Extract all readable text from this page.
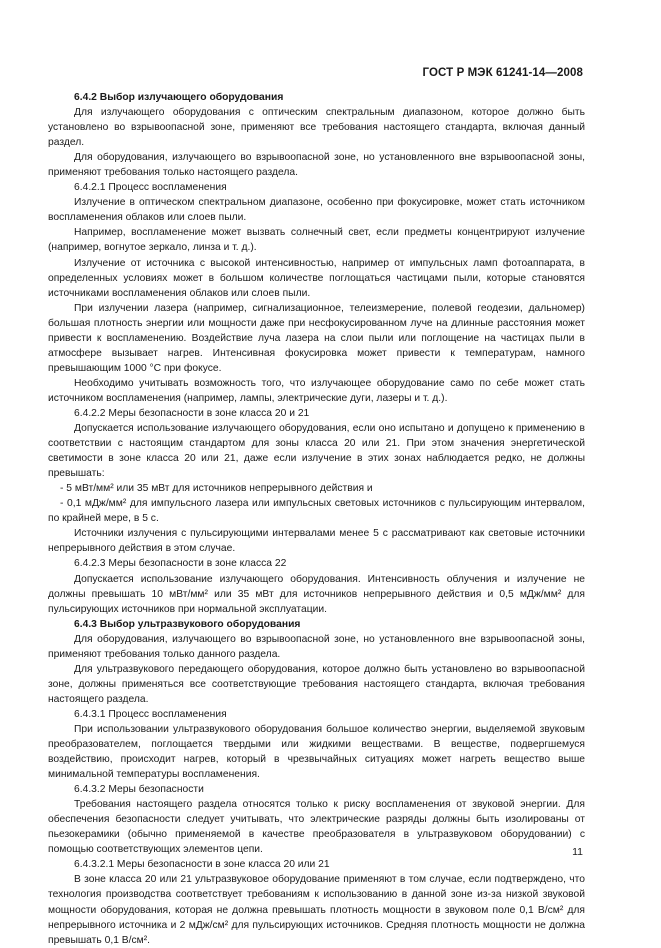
ГОСТ Р МЭК 61241-14—2008

6.4.2 Выбор излучающего оборудования

Для излучающего оборудования с оптическим спектральным диапазоном, которое должно быть установлено во взрывоопасной зоне, применяют все требования настоящего стандарта, включая данный раздел.

Для оборудования, излучающего во взрывоопасной зоне, но установленного вне взрывоопасной зоны, применяют требования только настоящего раздела.

6.4.2.1 Процесс воспламенения

Излучение в оптическом спектральном диапазоне, особенно при фокусировке, может стать источником воспламенения облаков или слоев пыли.

Например, воспламенение может вызвать солнечный свет, если предметы концентрируют излучение (например, вогнутое зеркало, линза и т. д.).

Излучение от источника с высокой интенсивностью, например от импульсных ламп фотоаппарата, в определенных условиях может в большом количестве поглощаться частицами пыли, которые становятся источниками воспламенения облаков или слоев пыли.

При излучении лазера (например, сигнализационное, телеизмерение, полевой геодезии, дальномер) большая плотность энергии или мощности даже при несфокусированном луче на длинные расстояния может привести к воспламенению. Воздействие луча лазера на слои пыли или поглощение на частицах пыли в атмосфере вызывает нагрев. Интенсивная фокусировка может привести к температурам, намного превышающим 1000 °С при фокусе.

Необходимо учитывать возможность того, что излучающее оборудование само по себе может стать источником воспламенения (например, лампы, электрические дуги, лазеры и т. д.).

6.4.2.2 Меры безопасности в зоне класса 20 и 21

Допускается использование излучающего оборудования, если оно испытано и допущено к применению в соответствии с настоящим стандартом для зоны класса 20 или 21. При этом значения энергетической светимости в зоне класса 20 или 21, даже если излучение в этих зонах наблюдается редко, не должны превышать:

- 5 мВт/мм² или 35 мВт для источников непрерывного действия и

- 0,1 мДж/мм² для импульсного лазера или импульсных световых источников с пульсирующим интервалом, по крайней мере, в 5 с.

Источники излучения с пульсирующими интервалами менее 5 с рассматривают как световые источники непрерывного действия в этом случае.

6.4.2.3 Меры безопасности в зоне класса 22

Допускается использование излучающего оборудования. Интенсивность облучения и излучение не должны превышать 10 мВт/мм² или 35 мВт для источников непрерывного действия и 0,5 мДж/мм² для пульсирующих источников при нормальной эксплуатации.

6.4.3 Выбор ультразвукового оборудования

Для оборудования, излучающего во взрывоопасной зоне, но установленного вне взрывоопасной зоны, применяют требования только данного раздела.

Для ультразвукового передающего оборудования, которое должно быть установлено во взрывоопасной зоне, должны применяться все соответствующие требования настоящего стандарта, включая требования настоящего раздела.

6.4.3.1 Процесс воспламенения

При использовании ультразвукового оборудования большое количество энергии, выделяемой звуковым преобразователем, поглощается твердыми или жидкими веществами. В веществе, подвергшемуся воздействию, происходит нагрев, который в чрезвычайных ситуациях может нагреть вещество выше минимальной температуры воспламенения.

6.4.3.2 Меры безопасности

Требования настоящего раздела относятся только к риску воспламенения от звуковой энергии. Для обеспечения безопасности следует учитывать, что электрические разряды должны быть изолированы от пьезокерамики (обычно применяемой в качестве преобразователя в ультразвуковом оборудовании) с помощью соответствующих элементов цепи.

6.4.3.2.1 Меры безопасности в зоне класса 20 или 21

В зоне класса 20 или 21 ультразвуковое оборудование применяют в том случае, если подтверждено, что технология производства соответствует требованиям к использованию в данной зоне из-за низкой звуковой мощности оборудования, которая не должна превышать плотность мощности в звуковом поле 0,1 В/см² для непрерывного источника и 2 мДж/см² для пульсирующих источников. Средняя плотность мощности не должна превышать 0,1 В/см².

11
